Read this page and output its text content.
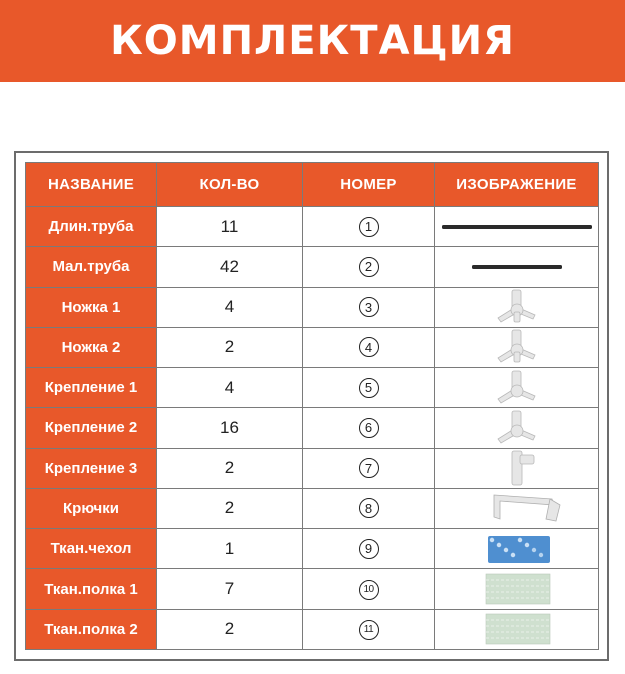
КОМПЛЕКТАЦИЯ
НАЗВАНИЕ	КОЛ-ВО	НОМЕР	ИЗОБРАЖЕНИЕ
Длин.труба	11	1	

Мал.труба	42	2	

Ножка 1	4	3	

Ножка 2	2	4	

Крепление 1	4	5	

Крепление 2	16	6	

Крепление 3	2	7	

Крючки	2	8	

Ткан.чехол	1	9	

Ткан.полка 1	7	10	

Ткан.полка 2	2	11	
